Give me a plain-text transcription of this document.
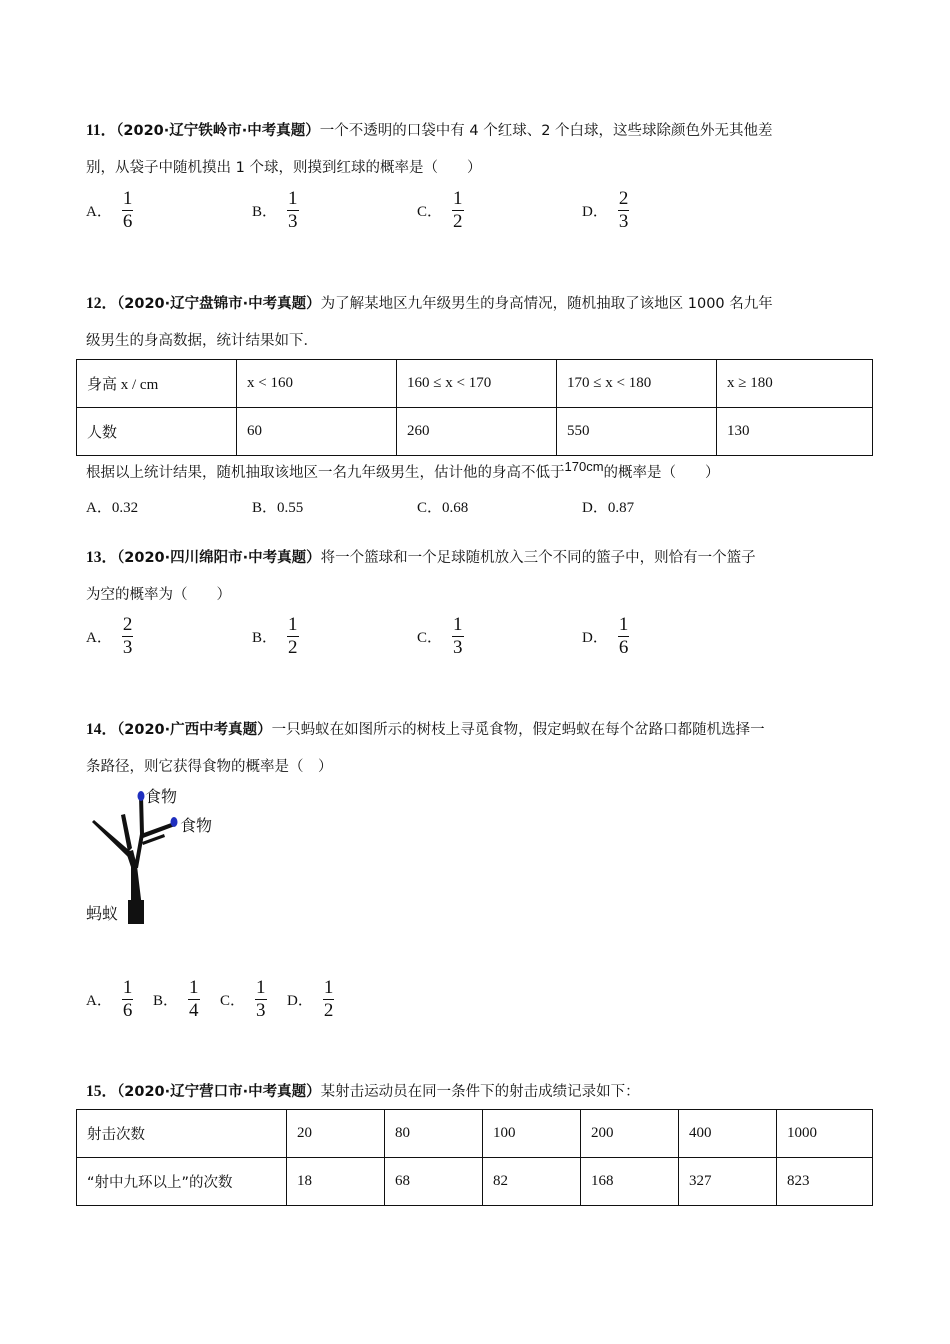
11．（2020·辽宁铁岭市·中考真题）一个不透明的口袋中有 4 个红球、2 个白球，这些球除颜色外无其他差
别，从袋子中随机摸出 1 个球，则摸到红球的概率是（　　）
A． $\frac{1}{6}$	B． $\frac{1}{3}$	C． $\frac{1}{2}$	D． $\frac{2}{3}$
12．（2020·辽宁盘锦市·中考真题）为了解某地区九年级男生的身高情况，随机抽取了该地区 1000 名九年
级男生的身高数据，统计结果如下．
身高 x / cm	x < 160	160 ≤ x < 170	170 ≤ x < 180	x ≥ 180
人数	60	260	550	130
根据以上统计结果，随机抽取该地区一名九年级男生，估计他的身高不低于170cm的概率是（　　）
A．0.32	B．0.55	C．0.68	D．0.87
13．（2020·四川绵阳市·中考真题）将一个篮球和一个足球随机放入三个不同的篮子中，则恰有一个篮子
为空的概率为（　　）
A． $\frac{2}{3}$	B． $\frac{1}{2}$	C． $\frac{1}{3}$	D． $\frac{1}{6}$
14．（2020·广西中考真题）一只蚂蚁在如图所示的树枝上寻觅食物，假定蚂蚁在每个岔路口都随机选择一
条路径，则它获得食物的概率是（　）
食物
食物
蚂蚁
A． $\frac{1}{6}$ B． $\frac{1}{4}$ C． $\frac{1}{3}$ D． $\frac{1}{2}$
15．（2020·辽宁营口市·中考真题）某射击运动员在同一条件下的射击成绩记录如下：
射击次数	20	80	100	200	400	1000
“射中九环以上”的次数	18	68	82	168	327	823
